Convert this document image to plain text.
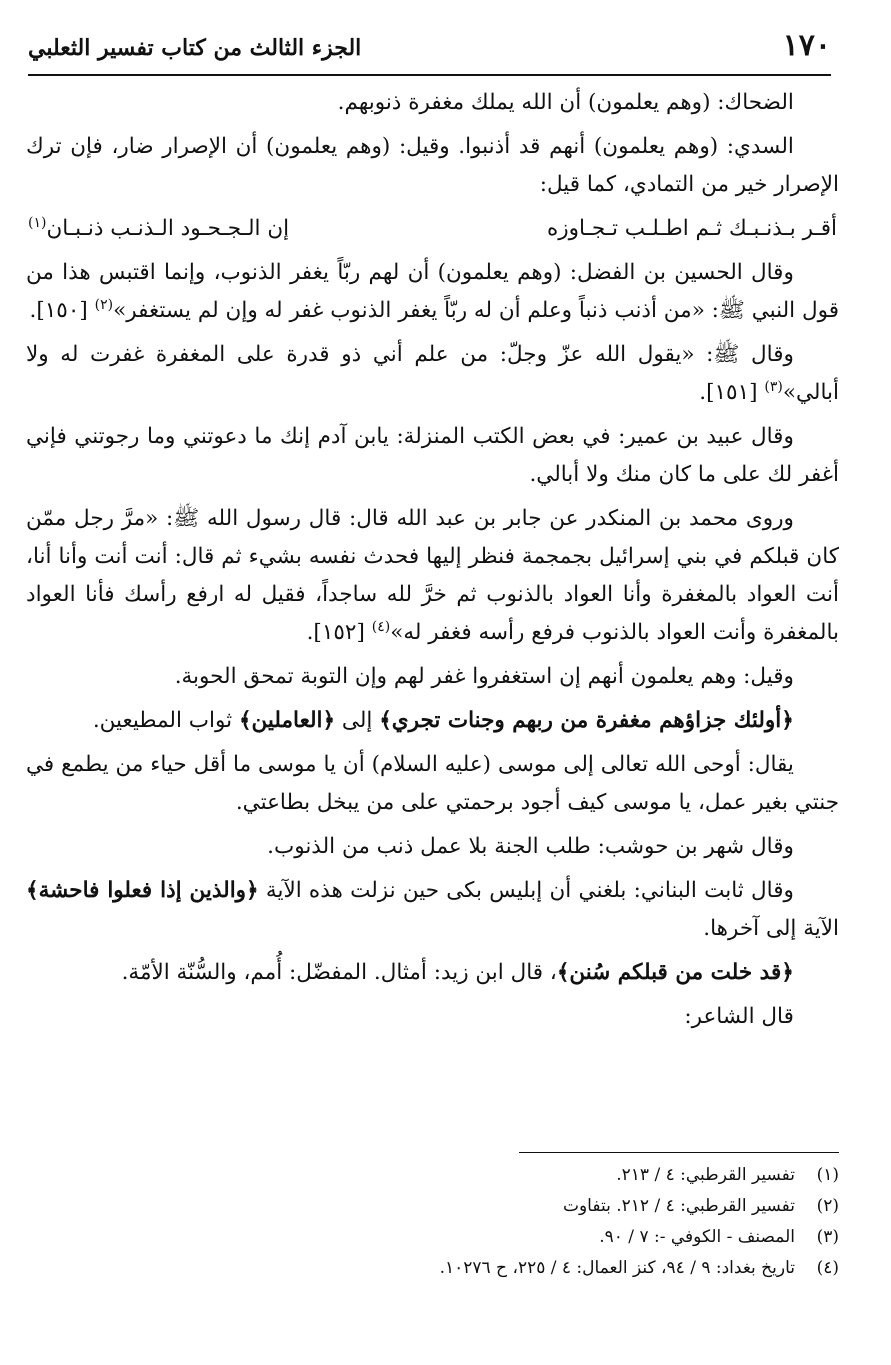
١٧٠
الجزء الثالث من كتاب تفسير الثعلبي

الضحاك: (وهم يعلمون) أن الله يملك مغفرة ذنوبهم.

السدي: (وهم يعلمون) أنهم قد أذنبوا. وقيل: (وهم يعلمون) أن الإصرار ضار، فإن ترك الإصرار خير من التمادي، كما قيل:

أقـر بـذنـبـك ثـم اطـلـب تـجـاوزه
إن الـجـحـود الـذنـب ذنـبـان$^{(١)}$

وقال الحسين بن الفضل: (وهم يعلمون) أن لهم ربّاً يغفر الذنوب، وإنما اقتبس هذا من قول النبي ﷺ: «من أذنب ذنباً وعلم أن له ربّاً يغفر الذنوب غفر له وإن لم يستغفر»$^{(٢)}$ [١٥٠].

وقال ﷺ: «يقول الله عزّ وجلّ: من علم أني ذو قدرة على المغفرة غفرت له ولا أبالي»$^{(٣)}$ [١٥١].

وقال عبيد بن عمير: في بعض الكتب المنزلة: يابن آدم إنك ما دعوتني وما رجوتني فإني أغفر لك على ما كان منك ولا أبالي.

وروى محمد بن المنكدر عن جابر بن عبد الله قال: قال رسول الله ﷺ: «مرَّ رجل ممّن كان قبلكم في بني إسرائيل بجمجمة فنظر إليها فحدث نفسه بشيء ثم قال: أنت أنت وأنا أنا، أنت العواد بالمغفرة وأنا العواد بالذنوب ثم خرَّ لله ساجداً، فقيل له ارفع رأسك فأنا العواد بالمغفرة وأنت العواد بالذنوب فرفع رأسه فغفر له»$^{(٤)}$ [١٥٢].

وقيل: وهم يعلمون أنهم إن استغفروا غفر لهم وإن التوبة تمحق الحوبة.

﴿أولئك جزاؤهم مغفرة من ربهم وجنات تجري﴾ إلى ﴿العاملين﴾ ثواب المطيعين.

يقال: أوحى الله تعالى إلى موسى (عليه السلام) أن يا موسى ما أقل حياء من يطمع في جنتي بغير عمل، يا موسى كيف أجود برحمتي على من يبخل بطاعتي.

وقال شهر بن حوشب: طلب الجنة بلا عمل ذنب من الذنوب.

وقال ثابت البناني: بلغني أن إبليس بكى حين نزلت هذه الآية ﴿والذين إذا فعلوا فاحشة﴾ الآية إلى آخرها.

﴿قد خلت من قبلكم سُنن﴾، قال ابن زيد: أمثال. المفضّل: أُمم، والسُّنّة الأمّة.

قال الشاعر:

(١)
تفسير القرطبي: ٤ / ٢١٣.
(٢)
تفسير القرطبي: ٤ / ٢١٢. بتفاوت
(٣)
المصنف - الكوفي -: ٧ / ٩٠.
(٤)
تاريخ بغداد: ٩ / ٩٤، كنز العمال: ٤ / ٢٢٥، ح ١٠٢٧٦.
